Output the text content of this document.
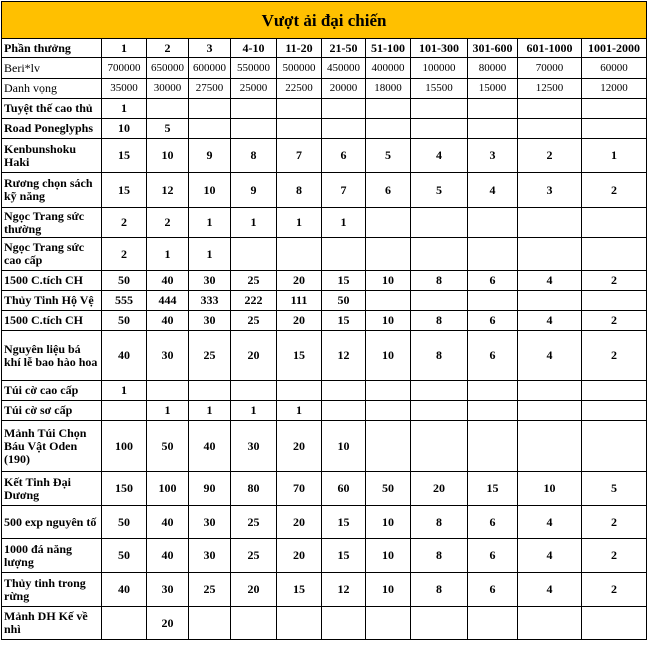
Vượt ải đại chiến											
Phần thưởng	1	2	3	4-10	11-20	21-50	51-100	101-300	301-600	601-1000	1001-2000
Beri*lv	700000	650000	600000	550000	500000	450000	400000	100000	80000	70000	60000
Danh vọng	35000	30000	27500	25000	22500	20000	18000	15500	15000	12500	12000
Tuyệt thế cao thủ	1										
Road Poneglyphs	10	5									
Kenbunshoku Haki	15	10	9	8	7	6	5	4	3	2	1
Rương chọn sách kỹ năng	15	12	10	9	8	7	6	5	4	3	2
Ngọc Trang sức thường	2	2	1	1	1	1					
Ngọc Trang sức cao cấp	2	1	1								
1500 C.tích CH	50	40	30	25	20	15	10	8	6	4	2
Thủy Tinh Hộ Vệ	555	444	333	222	111	50					
1500 C.tích CH	50	40	30	25	20	15	10	8	6	4	2
Nguyên liệu bá khí lễ bao hào hoa	40	30	25	20	15	12	10	8	6	4	2
Túi cờ cao cấp	1										
Túi cờ sơ cấp		1	1	1	1						
Mảnh Túi Chọn Báu Vật Oden (190)	100	50	40	30	20	10					
Kết Tinh Đại Dương	150	100	90	80	70	60	50	20	15	10	5
500 exp nguyên tố	50	40	30	25	20	15	10	8	6	4	2
1000 đá năng lượng	50	40	30	25	20	15	10	8	6	4	2
Thủy tinh trong rừng	40	30	25	20	15	12	10	8	6	4	2
Mảnh DH Kế về nhì		20									
